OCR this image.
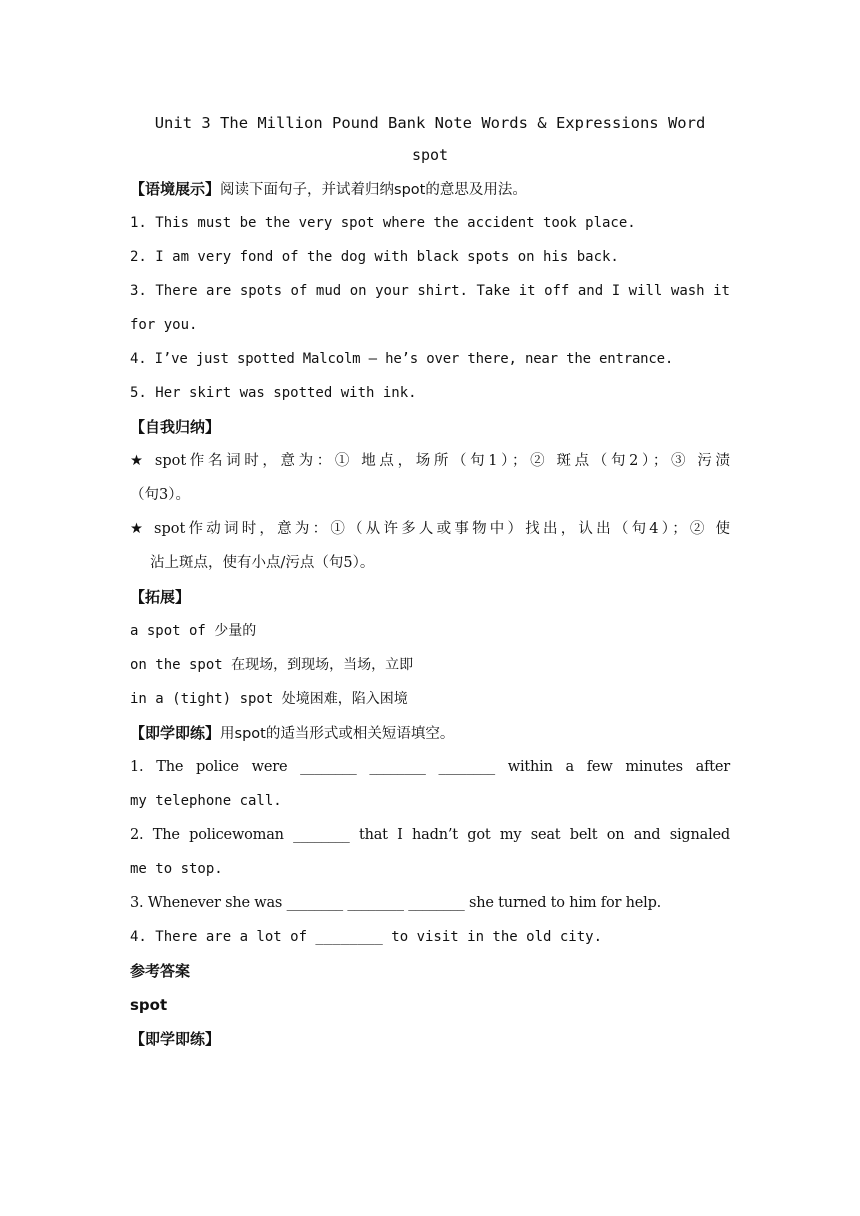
Unit 3 The Million Pound Bank Note Words & Expressions Word
spot
【语境展示】阅读下面句子，并试着归纳spot的意思及用法。
1. This must be the very spot where the accident took place.
2. I am very fond of the dog with black spots on his back.
3. There are spots of mud on your shirt. Take it off and I will wash it
for you.
4. I’ve just spotted Malcolm — he’s over there, near the entrance.
5. Her skirt was spotted with ink.
【自我归纳】
★ spot作名词时，意为：① 地点，场所（句1）；② 斑点（句2）；③ 污渍
（句3）。
★ spot作动词时，意为：①（从许多人或事物中）找出，认出（句4）；② 使
沾上斑点，使有小点/污点（句5）。
【拓展】
a spot of 少量的
on the spot 在现场，到现场，当场，立即
in a (tight) spot 处境困难，陷入困境
【即学即练】用spot的适当形式或相关短语填空。
1. The police were ________ ________ ________ within a few minutes after
my telephone call.
2. The policewoman ________ that I hadn’t got my seat belt on and signaled
me to stop.
3. Whenever she was ________ ________ ________ she turned to him for help.
4. There are a lot of ________ to visit in the old city.
参考答案
spot
【即学即练】
